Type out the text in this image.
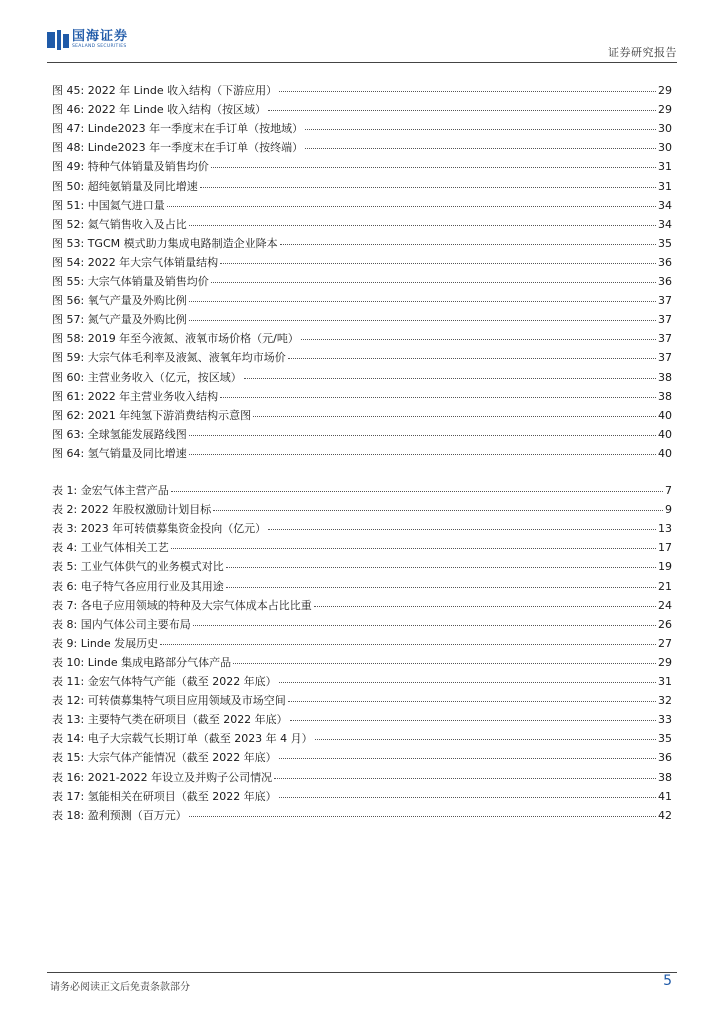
国海证券
SEALAND SECURITIES	证券研究报告
图 45: 2022 年 Linde 收入结构（下游应用）	29
图 46: 2022 年 Linde 收入结构（按区域）	29
图 47: Linde2023 年一季度末在手订单（按地域）	30
图 48: Linde2023 年一季度末在手订单（按终端）	30
图 49: 特种气体销量及销售均价	31
图 50: 超纯氨销量及同比增速	31
图 51: 中国氦气进口量	34
图 52: 氦气销售收入及占比	34
图 53: TGCM 模式助力集成电路制造企业降本	35
图 54: 2022 年大宗气体销量结构	36
图 55: 大宗气体销量及销售均价	36
图 56: 氧气产量及外购比例	37
图 57: 氮气产量及外购比例	37
图 58: 2019 年至今液氮、液氧市场价格（元/吨）	37
图 59: 大宗气体毛利率及液氮、液氧年均市场价	37
图 60: 主营业务收入（亿元，按区域）	38
图 61: 2022 年主营业务收入结构	38
图 62: 2021 年纯氢下游消费结构示意图	40
图 63: 全球氢能发展路线图	40
图 64: 氢气销量及同比增速	40
表 1: 金宏气体主营产品	7
表 2: 2022 年股权激励计划目标	9
表 3: 2023 年可转债募集资金投向（亿元）	13
表 4: 工业气体相关工艺	17
表 5: 工业气体供气的业务模式对比	19
表 6: 电子特气各应用行业及其用途	21
表 7: 各电子应用领域的特种及大宗气体成本占比比重	24
表 8: 国内气体公司主要布局	26
表 9: Linde 发展历史	27
表 10: Linde 集成电路部分气体产品	29
表 11: 金宏气体特气产能（截至 2022 年底）	31
表 12: 可转债募集特气项目应用领域及市场空间	32
表 13: 主要特气类在研项目（截至 2022 年底）	33
表 14: 电子大宗载气长期订单（截至 2023 年 4 月）	35
表 15: 大宗气体产能情况（截至 2022 年底）	36
表 16: 2021-2022 年设立及并购子公司情况	38
表 17: 氢能相关在研项目（截至 2022 年底）	41
表 18: 盈利预测（百万元）	42
请务必阅读正文后免责条款部分	5
